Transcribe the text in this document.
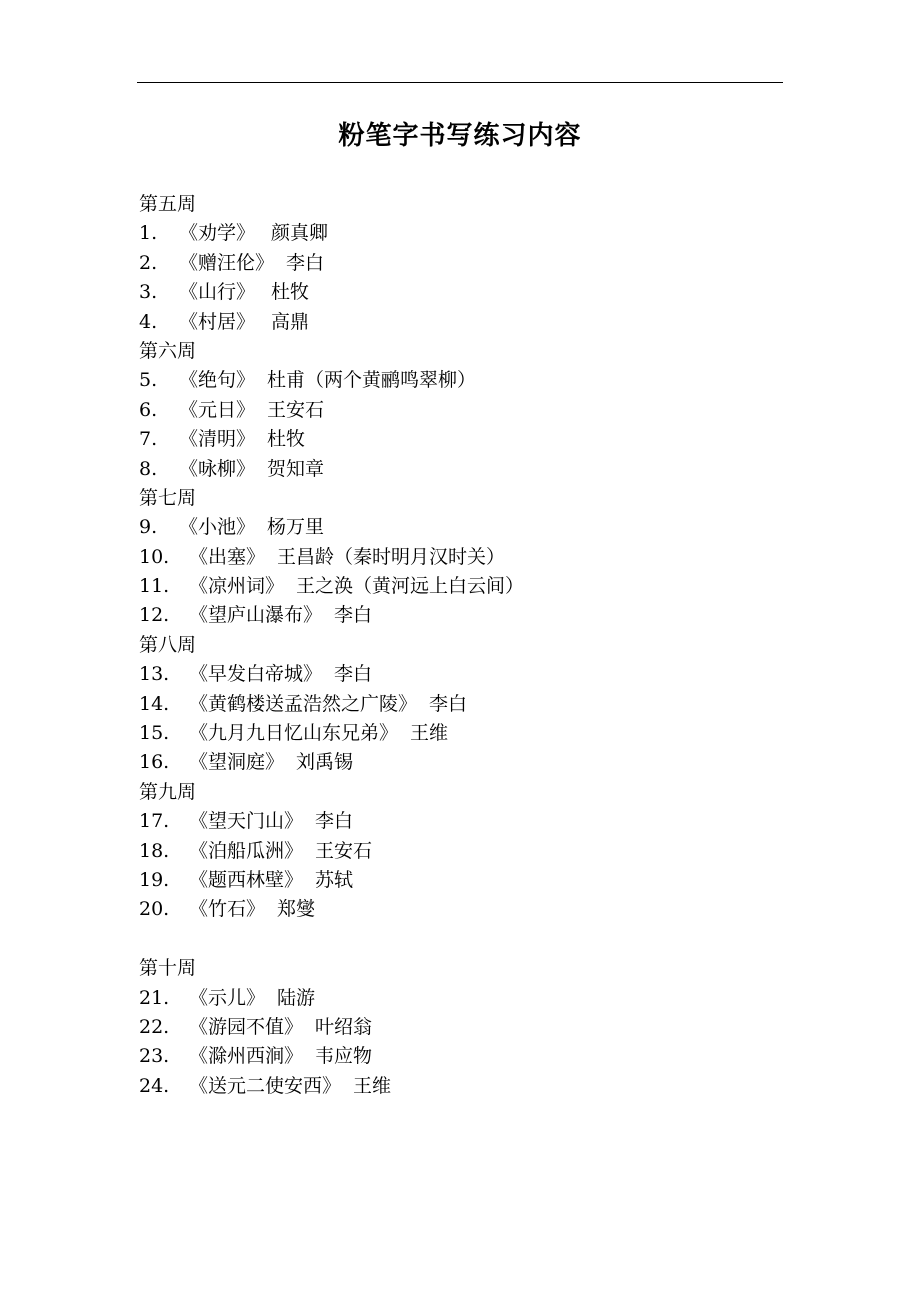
粉笔字书写练习内容
第五周
1. 《劝学》 颜真卿
2. 《赠汪伦》 李白
3. 《山行》 杜牧
4. 《村居》 高鼎
第六周
5. 《绝句》 杜甫（两个黄鹂鸣翠柳）
6. 《元日》 王安石
7. 《清明》 杜牧
8. 《咏柳》 贺知章
第七周
9. 《小池》 杨万里
10. 《出塞》 王昌龄（秦时明月汉时关）
11. 《凉州词》 王之涣（黄河远上白云间）
12. 《望庐山瀑布》 李白
第八周
13. 《早发白帝城》 李白
14. 《黄鹤楼送孟浩然之广陵》 李白
15. 《九月九日忆山东兄弟》 王维
16. 《望洞庭》 刘禹锡
第九周
17. 《望天门山》 李白
18. 《泊船瓜洲》 王安石
19. 《题西林壁》 苏轼
20. 《竹石》 郑燮
第十周
21. 《示儿》 陆游
22. 《游园不值》 叶绍翁
23. 《滁州西涧》 韦应物
24. 《送元二使安西》 王维
